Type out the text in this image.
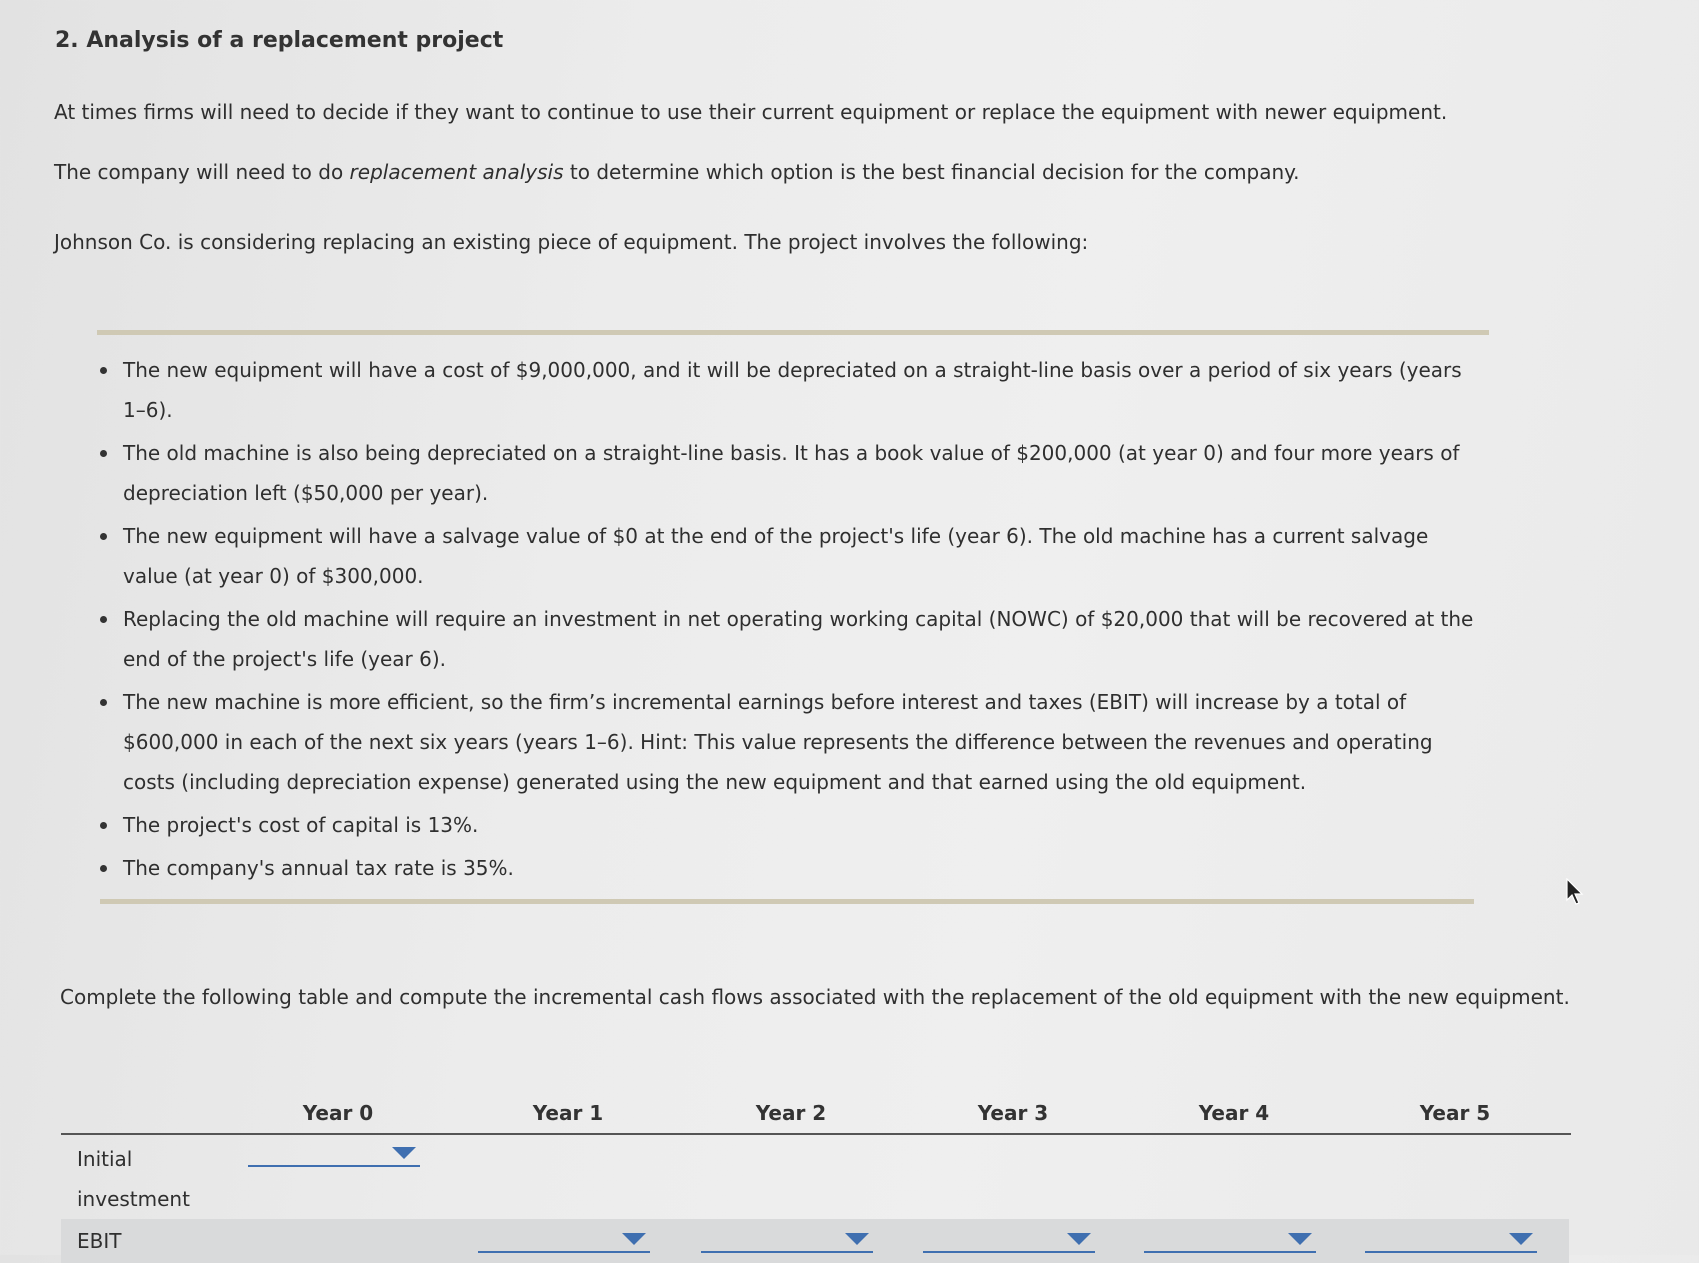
2. Analysis of a replacement project

At times firms will need to decide if they want to continue to use their current equipment or replace the equipment with newer equipment.

The company will need to do replacement analysis to determine which option is the best financial decision for the company.

Johnson Co. is considering replacing an existing piece of equipment. The project involves the following:

The new equipment will have a cost of $9,000,000, and it will be depreciated on a straight-line basis over a period of six years (years 1–6).
The old machine is also being depreciated on a straight-line basis. It has a book value of $200,000 (at year 0) and four more years of depreciation left ($50,000 per year).
The new equipment will have a salvage value of $0 at the end of the project's life (year 6). The old machine has a current salvage value (at year 0) of $300,000.
Replacing the old machine will require an investment in net operating working capital (NOWC) of $20,000 that will be recovered at the end of the project's life (year 6).
The new machine is more efficient, so the firm’s incremental earnings before interest and taxes (EBIT) will increase by a total of $600,000 in each of the next six years (years 1–6). Hint: This value represents the difference between the revenues and operating costs (including depreciation expense) generated using the new equipment and that earned using the old equipment.
The project's cost of capital is 13%.
The company's annual tax rate is 35%.

Complete the following table and compute the incremental cash flows associated with the replacement of the old equipment with the new equipment.

Year 0	Year 1	Year 2	Year 3	Year 4	Year 5
Initial investment
EBIT
